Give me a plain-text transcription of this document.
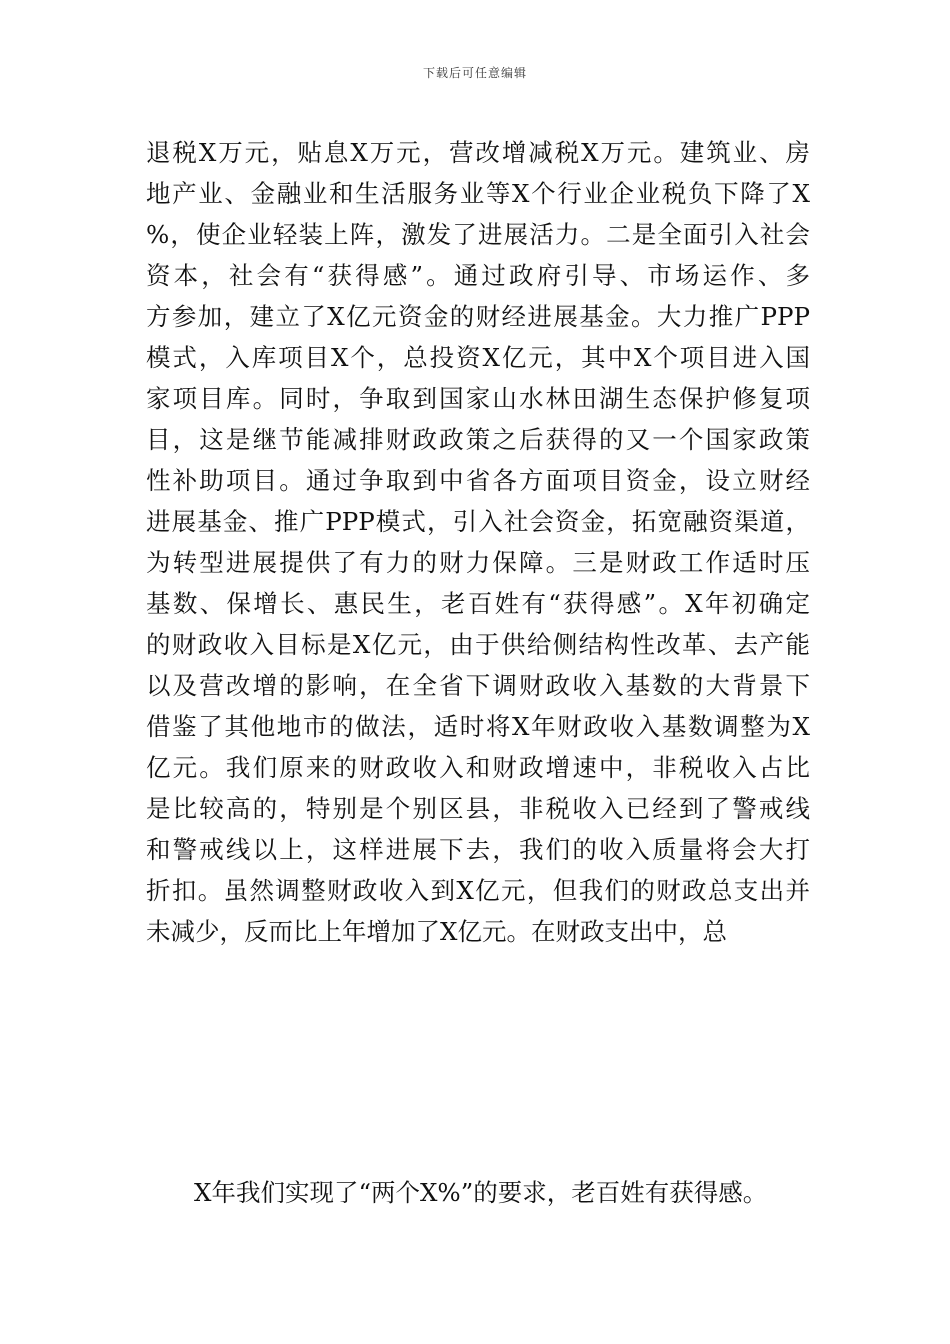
下载后可任意编辑
退税X万元，贴息X万元，营改增减税X万元。建筑业、房
地产业、金融业和生活服务业等X个行业企业税负下降了X
%，使企业轻装上阵，激发了进展活力。二是全面引入社会
资本，社会有“获得感”。通过政府引导、市场运作、多
方参加，建立了X亿元资金的财经进展基金。大力推广PPP
模式，入库项目X个，总投资X亿元，其中X个项目进入国
家项目库。同时，争取到国家山水林田湖生态保护修复项
目，这是继节能减排财政政策之后获得的又一个国家政策
性补助项目。通过争取到中省各方面项目资金，设立财经
进展基金、推广PPP模式，引入社会资金，拓宽融资渠道，
为转型进展提供了有力的财力保障。三是财政工作适时压
基数、保增长、惠民生，老百姓有“获得感”。X年初确定
的财政收入目标是X亿元，由于供给侧结构性改革、去产能
以及营改增的影响，在全省下调财政收入基数的大背景下
借鉴了其他地市的做法，适时将X年财政收入基数调整为X
亿元。我们原来的财政收入和财政增速中，非税收入占比
是比较高的，特别是个别区县，非税收入已经到了警戒线
和警戒线以上，这样进展下去，我们的收入质量将会大打
折扣。虽然调整财政收入到X亿元，但我们的财政总支出并
未减少，反而比上年增加了X亿元。在财政支出中，总
X年我们实现了“两个X%”的要求，老百姓有获得感。
